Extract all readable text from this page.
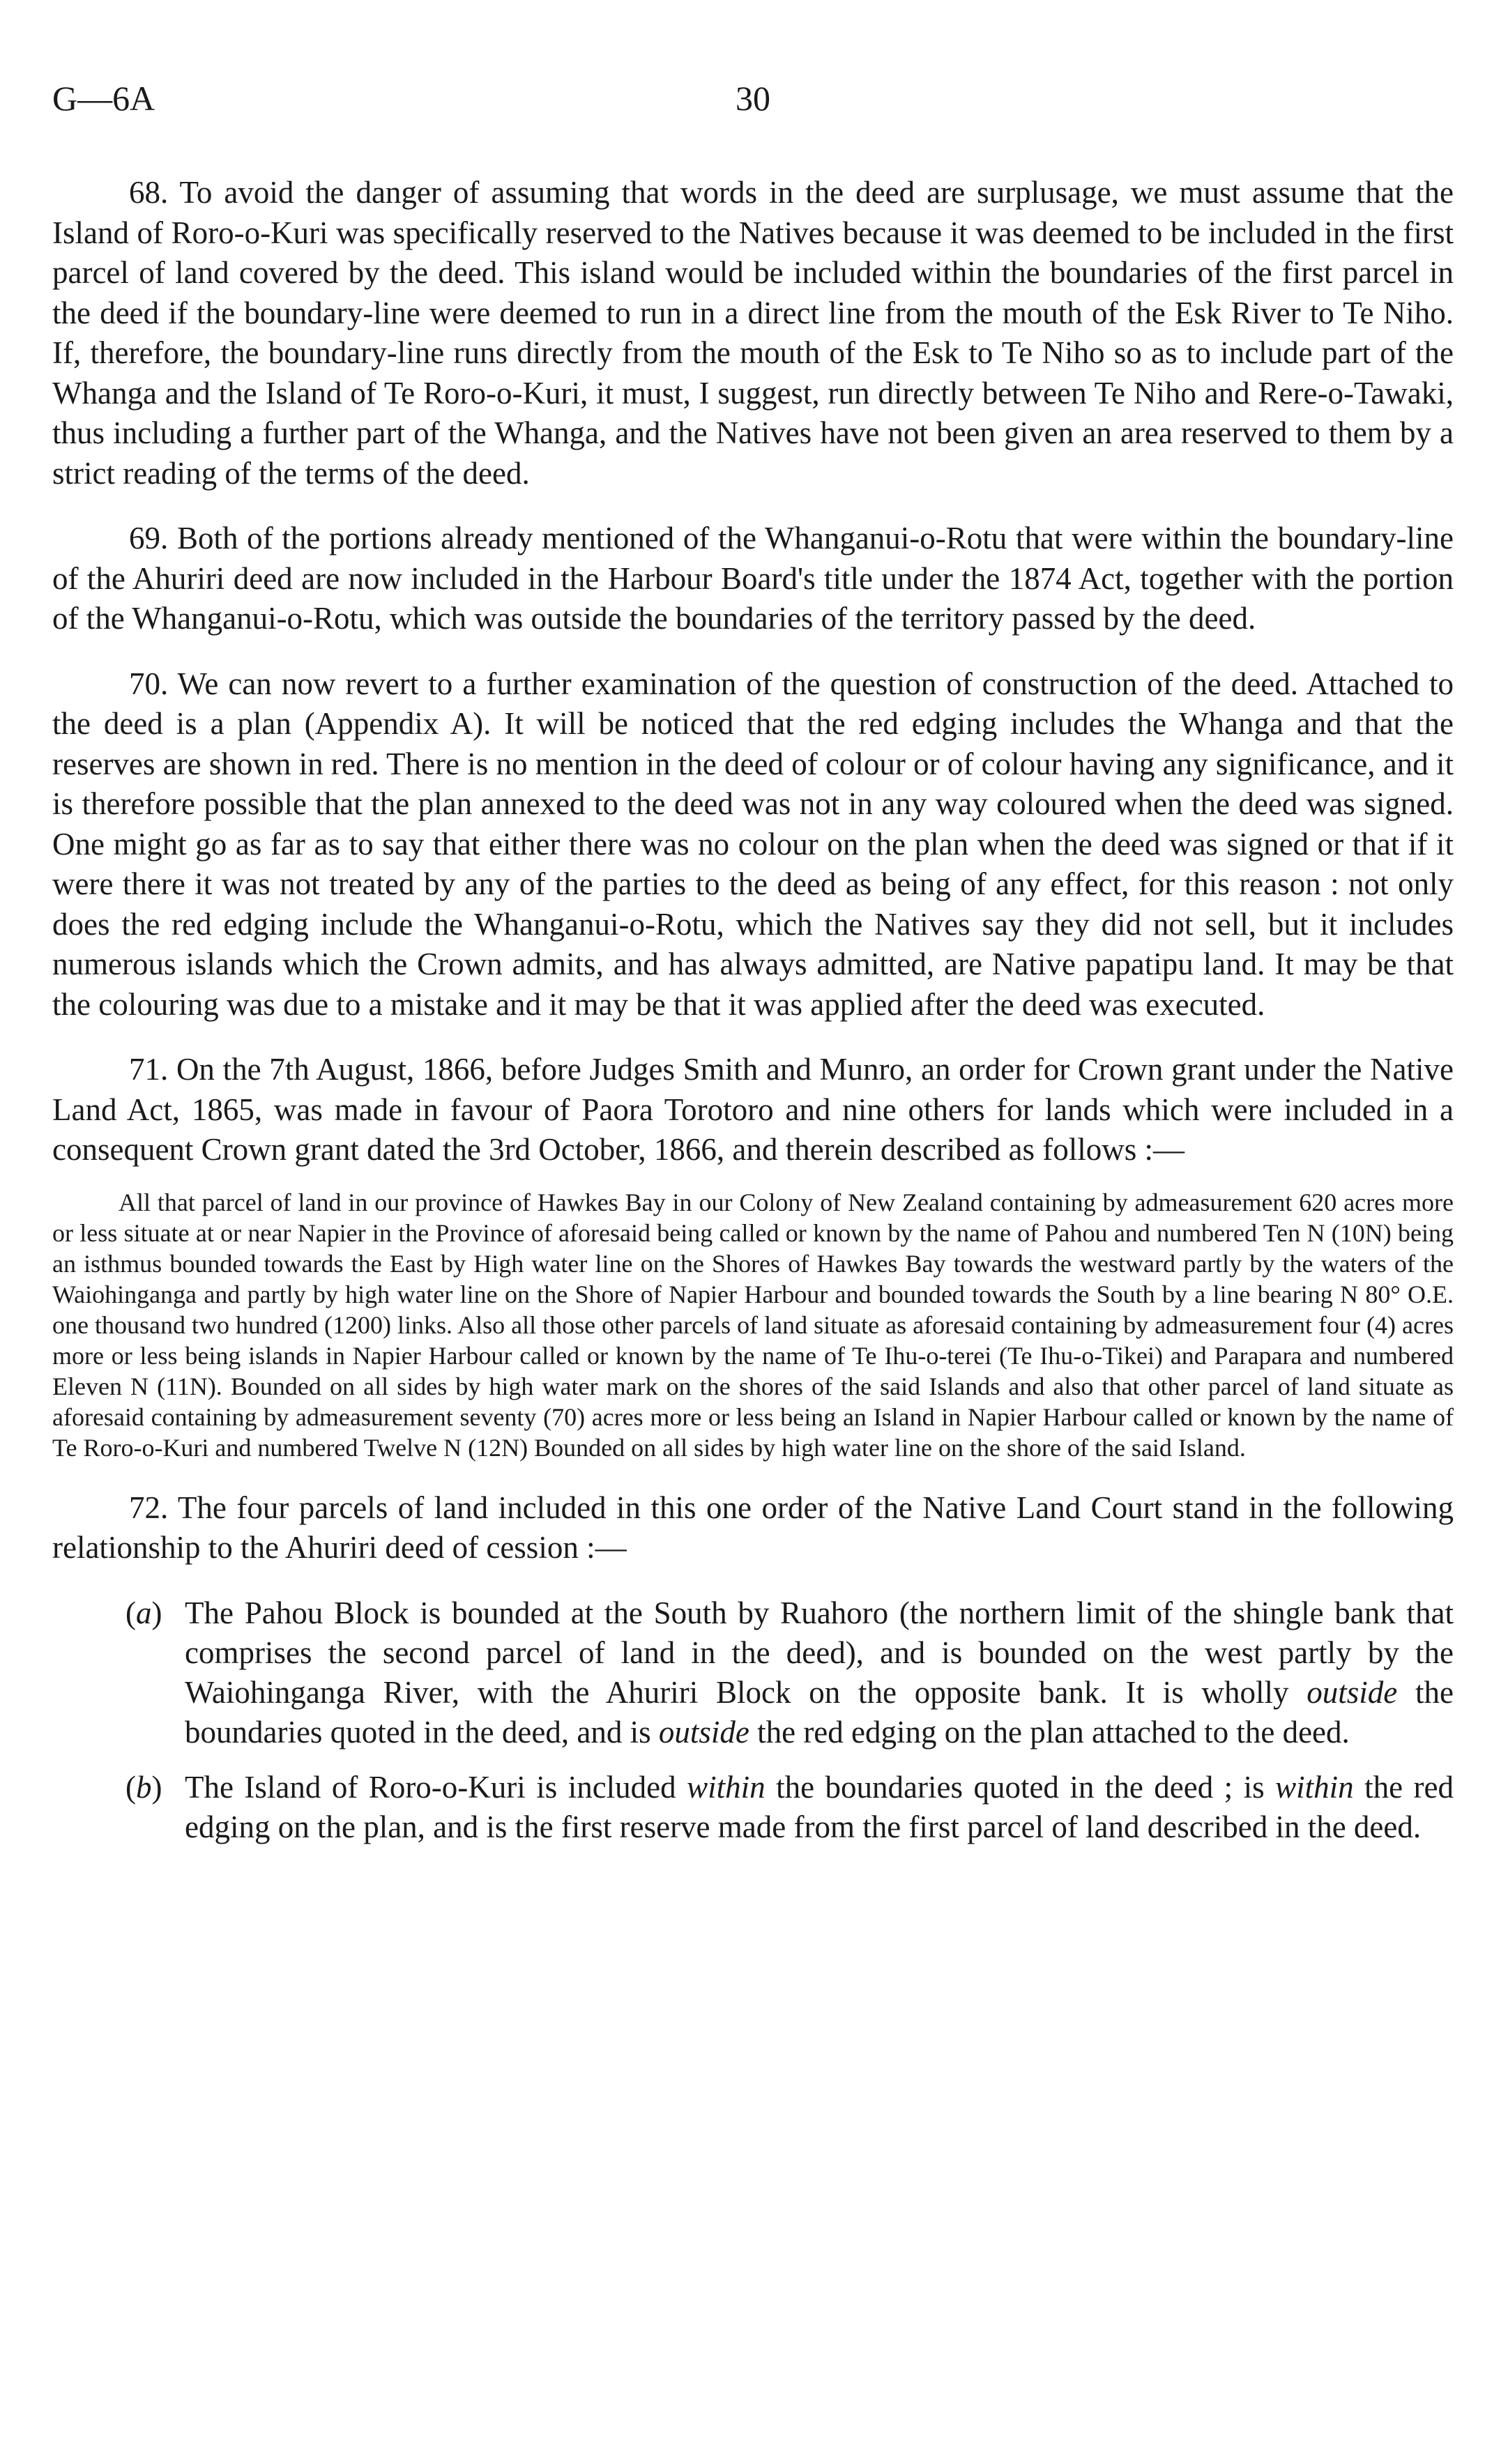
G—6A	30

68. To avoid the danger of assuming that words in the deed are surplusage, we must assume that the Island of Roro-o-Kuri was specifically reserved to the Natives because it was deemed to be included in the first parcel of land covered by the deed. This island would be included within the boundaries of the first parcel in the deed if the boundary-line were deemed to run in a direct line from the mouth of the Esk River to Te Niho. If, therefore, the boundary-line runs directly from the mouth of the Esk to Te Niho so as to include part of the Whanga and the Island of Te Roro-o-Kuri, it must, I suggest, run directly between Te Niho and Rere-o-Tawaki, thus including a further part of the Whanga, and the Natives have not been given an area reserved to them by a strict reading of the terms of the deed.

69. Both of the portions already mentioned of the Whanganui-o-Rotu that were within the boundary-line of the Ahuriri deed are now included in the Harbour Board's title under the 1874 Act, together with the portion of the Whanganui-o-Rotu, which was outside the boundaries of the territory passed by the deed.

70. We can now revert to a further examination of the question of construction of the deed. Attached to the deed is a plan (Appendix A). It will be noticed that the red edging includes the Whanga and that the reserves are shown in red. There is no mention in the deed of colour or of colour having any significance, and it is therefore possible that the plan annexed to the deed was not in any way coloured when the deed was signed. One might go as far as to say that either there was no colour on the plan when the deed was signed or that if it were there it was not treated by any of the parties to the deed as being of any effect, for this reason : not only does the red edging include the Whanganui-o-Rotu, which the Natives say they did not sell, but it includes numerous islands which the Crown admits, and has always admitted, are Native papatipu land. It may be that the colouring was due to a mistake and it may be that it was applied after the deed was executed.

71. On the 7th August, 1866, before Judges Smith and Munro, an order for Crown grant under the Native Land Act, 1865, was made in favour of Paora Torotoro and nine others for lands which were included in a consequent Crown grant dated the 3rd October, 1866, and therein described as follows :—

All that parcel of land in our province of Hawkes Bay in our Colony of New Zealand containing by admeasurement 620 acres more or less situate at or near Napier in the Province of aforesaid being called or known by the name of Pahou and numbered Ten N (10N) being an isthmus bounded towards the East by High water line on the Shores of Hawkes Bay towards the westward partly by the waters of the Waiohinganga and partly by high water line on the Shore of Napier Harbour and bounded towards the South by a line bearing N 80° O.E. one thousand two hundred (1200) links. Also all those other parcels of land situate as aforesaid containing by admeasurement four (4) acres more or less being islands in Napier Harbour called or known by the name of Te Ihu-o-terei (Te Ihu-o-Tikei) and Parapara and numbered Eleven N (11N). Bounded on all sides by high water mark on the shores of the said Islands and also that other parcel of land situate as aforesaid containing by admeasurement seventy (70) acres more or less being an Island in Napier Harbour called or known by the name of Te Roro-o-Kuri and numbered Twelve N (12N) Bounded on all sides by high water line on the shore of the said Island.

72. The four parcels of land included in this one order of the Native Land Court stand in the following relationship to the Ahuriri deed of cession :—

(a) The Pahou Block is bounded at the South by Ruahoro (the northern limit of the shingle bank that comprises the second parcel of land in the deed), and is bounded on the west partly by the Waiohinganga River, with the Ahuriri Block on the opposite bank. It is wholly outside the boundaries quoted in the deed, and is outside the red edging on the plan attached to the deed.
(b) The Island of Roro-o-Kuri is included within the boundaries quoted in the deed ; is within the red edging on the plan, and is the first reserve made from the first parcel of land described in the deed.
